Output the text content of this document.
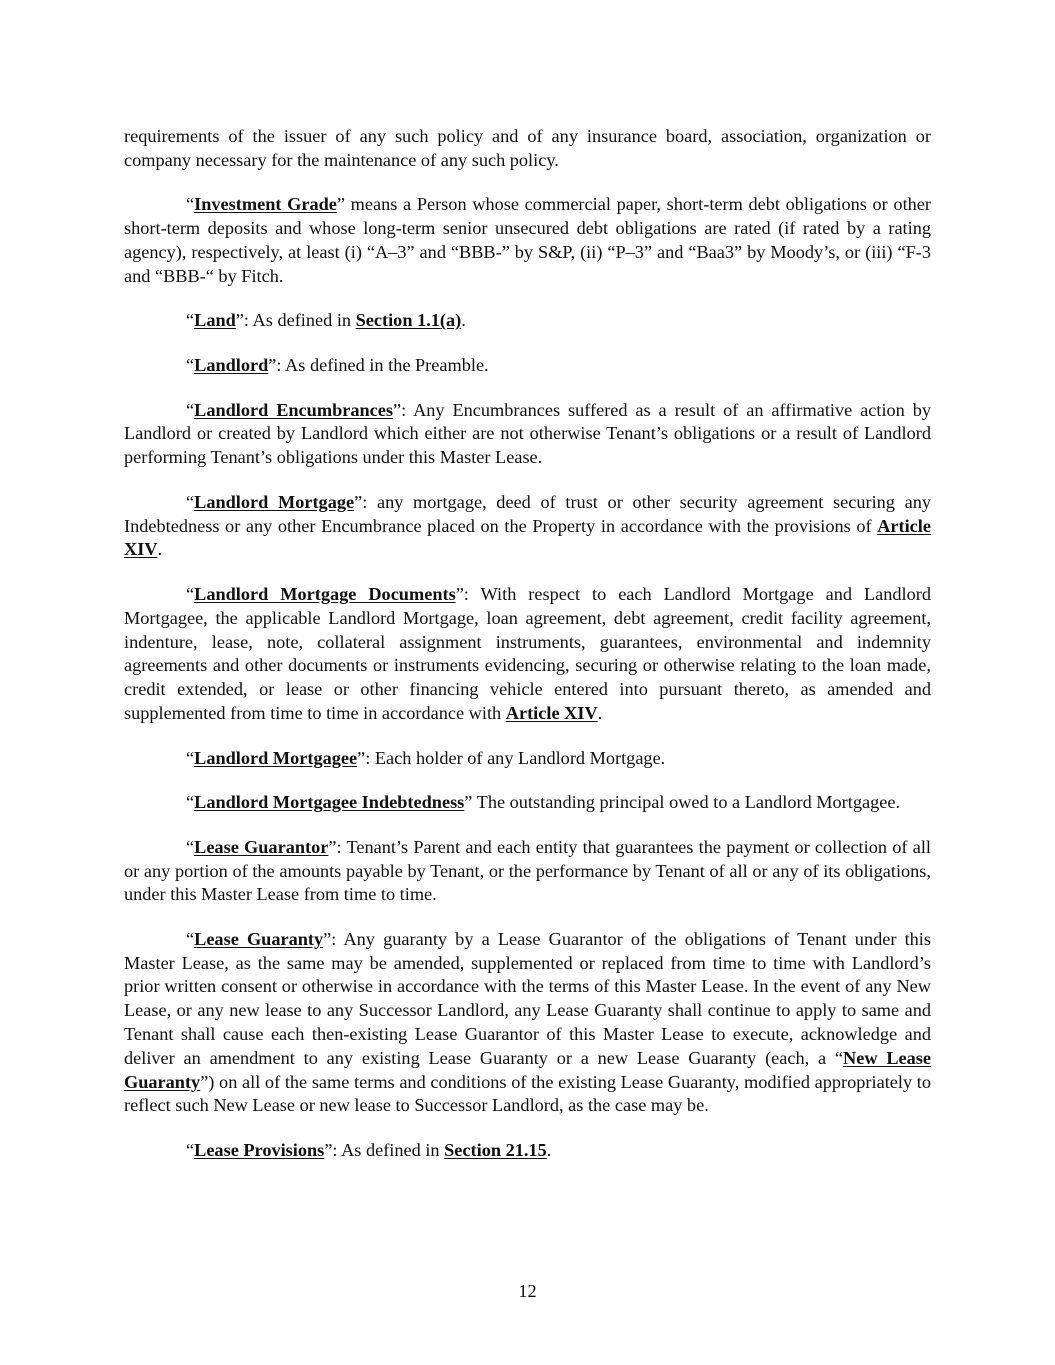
requirements of the issuer of any such policy and of any insurance board, association, organization or company necessary for the maintenance of any such policy.

“Investment Grade” means a Person whose commercial paper, short-term debt obligations or other short-term deposits and whose long-term senior unsecured debt obligations are rated (if rated by a rating agency), respectively, at least (i) “A–3” and “BBB-” by S&P, (ii) “P–3” and “Baa3” by Moody’s, or (iii) “F-3 and “BBB-“ by Fitch.

“Land”: As defined in Section 1.1(a).

“Landlord”: As defined in the Preamble.

“Landlord Encumbrances”: Any Encumbrances suffered as a result of an affirmative action by Landlord or created by Landlord which either are not otherwise Tenant’s obligations or a result of Landlord performing Tenant’s obligations under this Master Lease.

“Landlord Mortgage”: any mortgage, deed of trust or other security agreement securing any Indebtedness or any other Encumbrance placed on the Property in accordance with the provisions of Article XIV.

“Landlord Mortgage Documents”: With respect to each Landlord Mortgage and Landlord Mortgagee, the applicable Landlord Mortgage, loan agreement, debt agreement, credit facility agreement, indenture, lease, note, collateral assignment instruments, guarantees, environmental and indemnity agreements and other documents or instruments evidencing, securing or otherwise relating to the loan made, credit extended, or lease or other financing vehicle entered into pursuant thereto, as amended and supplemented from time to time in accordance with Article XIV.

“Landlord Mortgagee”: Each holder of any Landlord Mortgage.

“Landlord Mortgagee Indebtedness” The outstanding principal owed to a Landlord Mortgagee.

“Lease Guarantor”: Tenant’s Parent and each entity that guarantees the payment or collection of all or any portion of the amounts payable by Tenant, or the performance by Tenant of all or any of its obligations, under this Master Lease from time to time.

“Lease Guaranty”: Any guaranty by a Lease Guarantor of the obligations of Tenant under this Master Lease, as the same may be amended, supplemented or replaced from time to time with Landlord’s prior written consent or otherwise in accordance with the terms of this Master Lease. In the event of any New Lease, or any new lease to any Successor Landlord, any Lease Guaranty shall continue to apply to same and Tenant shall cause each then-existing Lease Guarantor of this Master Lease to execute, acknowledge and deliver an amendment to any existing Lease Guaranty or a new Lease Guaranty (each, a “New Lease Guaranty”) on all of the same terms and conditions of the existing Lease Guaranty, modified appropriately to reflect such New Lease or new lease to Successor Landlord, as the case may be.

“Lease Provisions”: As defined in Section 21.15.

12
